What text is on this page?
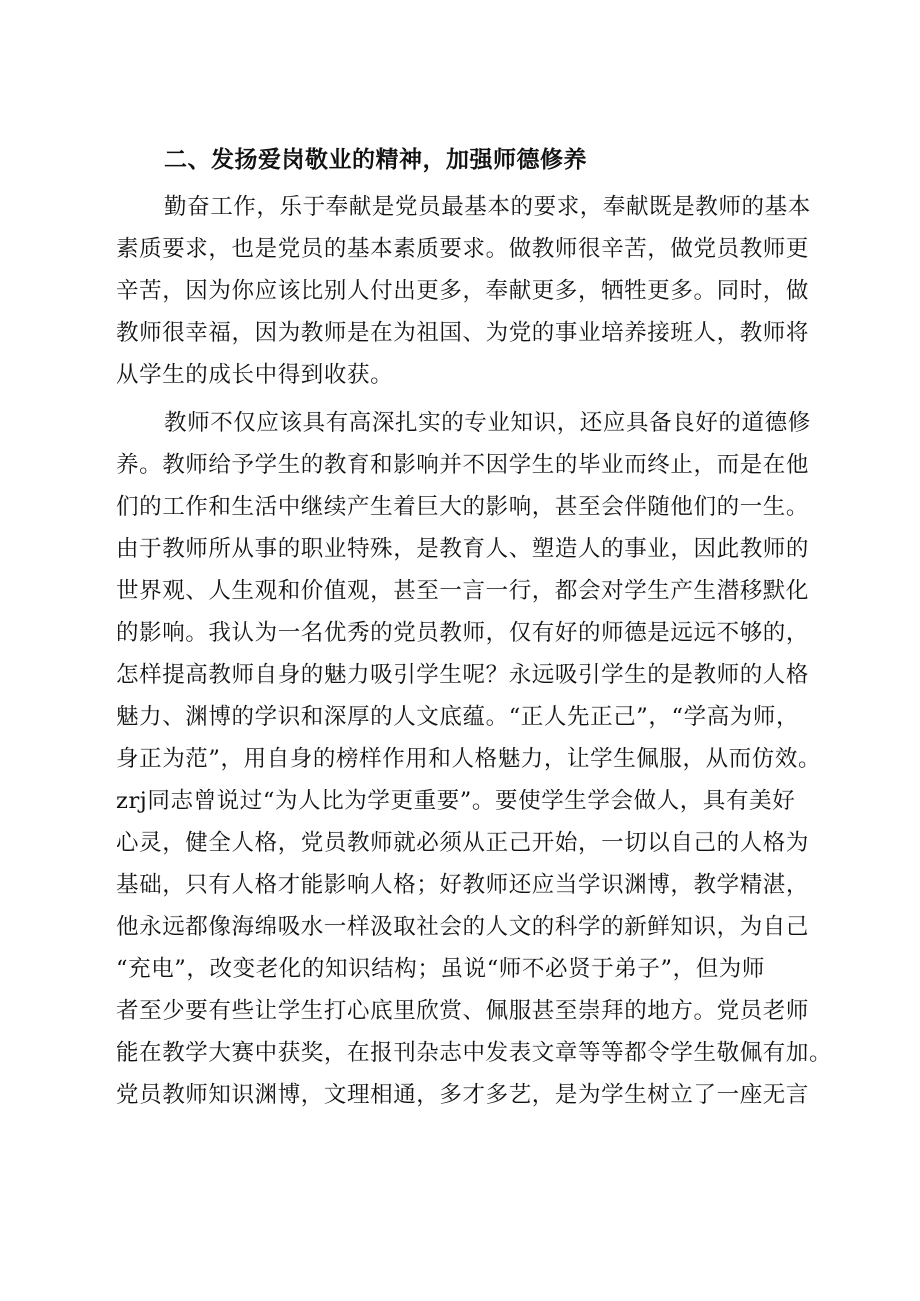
二、发扬爱岗敬业的精神，加强师德修养
勤奋工作，乐于奉献是党员最基本的要求，奉献既是教师的基本
素质要求，也是党员的基本素质要求。做教师很辛苦，做党员教师更
辛苦，因为你应该比别人付出更多，奉献更多，牺牲更多。同时，做
教师很幸福，因为教师是在为祖国、为党的事业培养接班人，教师将
从学生的成长中得到收获。
教师不仅应该具有高深扎实的专业知识，还应具备良好的道德修
养。教师给予学生的教育和影响并不因学生的毕业而终止，而是在他
们的工作和生活中继续产生着巨大的影响，甚至会伴随他们的一生。
由于教师所从事的职业特殊，是教育人、塑造人的事业，因此教师的
世界观、人生观和价值观，甚至一言一行，都会对学生产生潜移默化
的影响。我认为一名优秀的党员教师，仅有好的师德是远远不够的，
怎样提高教师自身的魅力吸引学生呢？永远吸引学生的是教师的人格
魅力、渊博的学识和深厚的人文底蕴。“正人先正己”，“学高为师，
身正为范”，用自身的榜样作用和人格魅力，让学生佩服，从而仿效。
zrj同志曾说过“为人比为学更重要”。要使学生学会做人，具有美好
心灵，健全人格，党员教师就必须从正己开始，一切以自己的人格为
基础，只有人格才能影响人格；好教师还应当学识渊博，教学精湛，
他永远都像海绵吸水一样汲取社会的人文的科学的新鲜知识，为自己
“充电”，改变老化的知识结构；虽说“师不必贤于弟子”，但为师
者至少要有些让学生打心底里欣赏、佩服甚至崇拜的地方。党员老师
能在教学大赛中获奖，在报刊杂志中发表文章等等都令学生敬佩有加。
党员教师知识渊博，文理相通，多才多艺，是为学生树立了一座无言
